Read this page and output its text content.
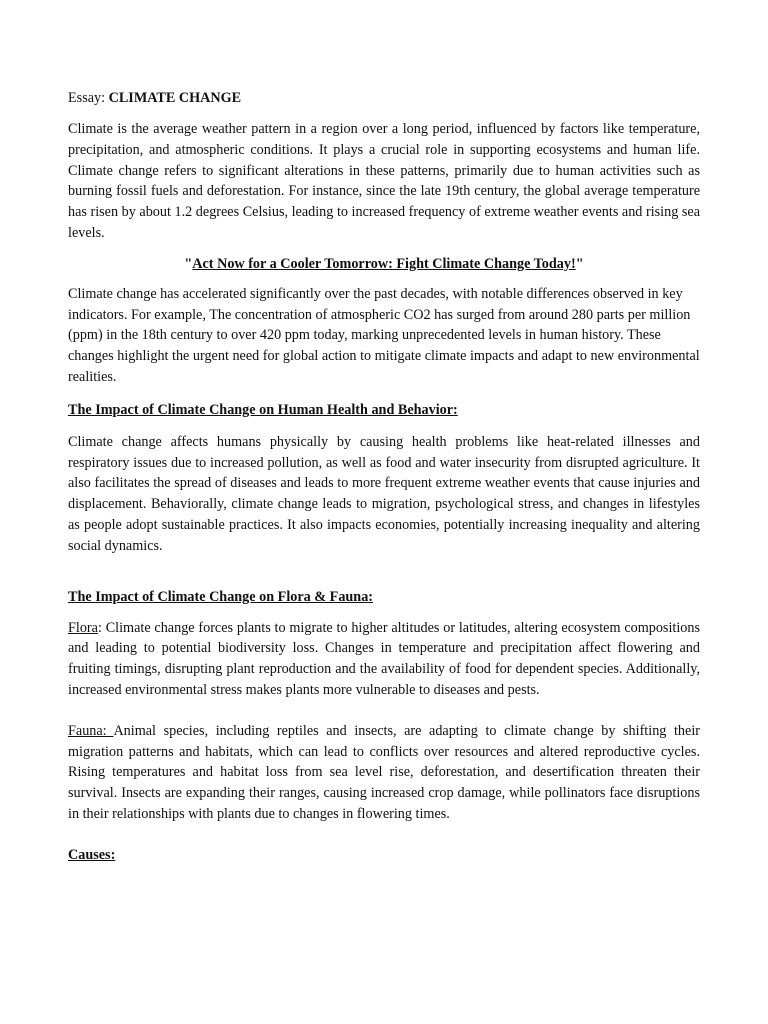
Essay: CLIMATE CHANGE

Climate is the average weather pattern in a region over a long period, influenced by factors like temperature, precipitation, and atmospheric conditions. It plays a crucial role in supporting ecosystems and human life. Climate change refers to significant alterations in these patterns, primarily due to human activities such as burning fossil fuels and deforestation. For instance, since the late 19th century, the global average temperature has risen by about 1.2 degrees Celsius, leading to increased frequency of extreme weather events and rising sea levels.

"Act Now for a Cooler Tomorrow: Fight Climate Change Today!"

Climate change has accelerated significantly over the past decades, with notable differences observed in key indicators. For example, The concentration of atmospheric CO2 has surged from around 280 parts per million (ppm) in the 18th century to over 420 ppm today, marking unprecedented levels in human history. These changes highlight the urgent need for global action to mitigate climate impacts and adapt to new environmental realities.

The Impact of Climate Change on Human Health and Behavior:

Climate change affects humans physically by causing health problems like heat-related illnesses and respiratory issues due to increased pollution, as well as food and water insecurity from disrupted agriculture. It also facilitates the spread of diseases and leads to more frequent extreme weather events that cause injuries and displacement. Behaviorally, climate change leads to migration, psychological stress, and changes in lifestyles as people adopt sustainable practices. It also impacts economies, potentially increasing inequality and altering social dynamics.

The Impact of Climate Change on Flora & Fauna:

Flora: Climate change forces plants to migrate to higher altitudes or latitudes, altering ecosystem compositions and leading to potential biodiversity loss. Changes in temperature and precipitation affect flowering and fruiting timings, disrupting plant reproduction and the availability of food for dependent species. Additionally, increased environmental stress makes plants more vulnerable to diseases and pests.

Fauna: Animal species, including reptiles and insects, are adapting to climate change by shifting their migration patterns and habitats, which can lead to conflicts over resources and altered reproductive cycles. Rising temperatures and habitat loss from sea level rise, deforestation, and desertification threaten their survival. Insects are expanding their ranges, causing increased crop damage, while pollinators face disruptions in their relationships with plants due to changes in flowering times.

Causes:
